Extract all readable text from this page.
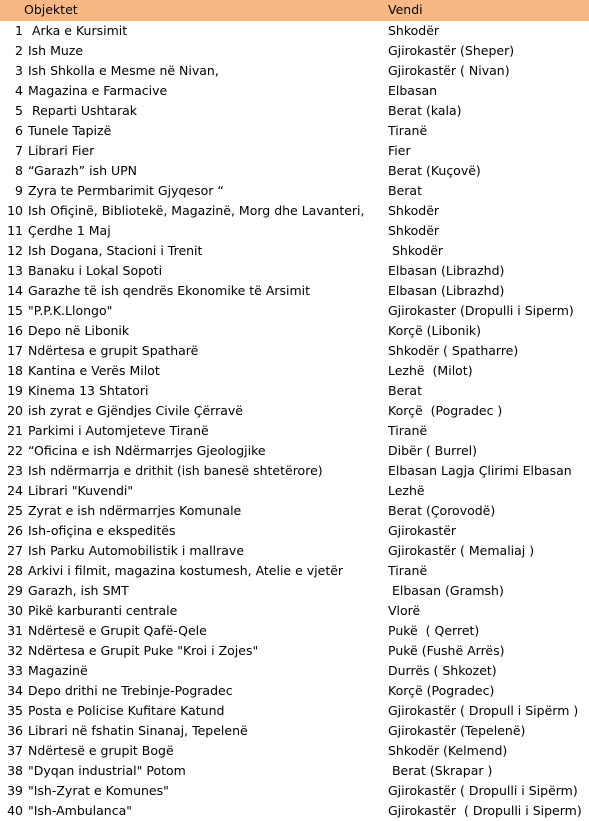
Objektet	Vendi
1  Arka e Kursimit	Shkodër
2 Ish Muze	Gjirokastër (Sheper)
3 Ish Shkolla e Mesme në Nivan,	Gjirokastër ( Nivan)
4 Magazina e Farmacive	Elbasan
5  Reparti Ushtarak	Berat (kala)
6 Tunele Tapizë	Tiranë
7 Librari Fier	Fier
8 “Garazh” ish UPN	Berat (Kuçovë)
9 Zyra te Permbarimit Gjyqesor “	Berat
10 Ish Ofiçinë, Bibliotekë, Magazinë, Morg dhe Lavanteri,	Shkodër
11 Çerdhe 1 Maj	Shkodër
12 Ish Dogana, Stacioni i Trenit	Shkodër
13 Banaku i Lokal Sopoti	Elbasan (Librazhd)
14 Garazhe të ish qendrës Ekonomike të Arsimit	Elbasan (Librazhd)
15 "P.P.K.Llongo"	Gjirokaster (Dropulli i Siperm)
16 Depo në Libonik	Korçë (Libonik)
17 Ndërtesa e grupit Spatharë	Shkodër ( Spatharre)
18 Kantina e Verës Milot	Lezhë  (Milot)
19 Kinema 13 Shtatori	Berat
20 ish zyrat e Gjëndjes Civile Çërravë	Korçë  (Pogradec )
21 Parkimi i Automjeteve Tiranë	Tiranë
22 “Oficina e ish Ndërmarrjes Gjeologjike	Dibër ( Burrel)
23 Ish ndërmarrja e drithit (ish banesë shtetërore)	Elbasan Lagja Çlirimi Elbasan
24 Librari "Kuvendi"	Lezhë
25 Zyrat e ish ndërmarrjes Komunale	Berat (Çorovodë)
26 Ish-ofiçina e ekspeditës	Gjirokastër
27 Ish Parku Automobilistik i mallrave	Gjirokastër ( Memaliaj )
28 Arkivi i filmit, magazina kostumesh, Atelie e vjetër	Tiranë
29 Garazh, ish SMT	Elbasan (Gramsh)
30 Pikë karburanti centrale	Vlorë
31 Ndërtesë e Grupit Qafë-Qele	Pukë  ( Qerret)
32 Ndërtesa e Grupit Puke "Kroi i Zojes"	Pukë (Fushë Arrës)
33 Magazinë	Durrës ( Shkozet)
34 Depo drithi ne Trebinje-Pogradec	Korçë (Pogradec)
35 Posta e Policise Kufitare Katund	Gjirokastër ( Dropull i Sipërm )
36 Librari në fshatin Sinanaj, Tepelenë	Gjirokastër (Tepelenë)
37 Ndërtesë e grupit Bogë	Shkodër (Kelmend)
38 "Dyqan industrial" Potom	Berat (Skrapar )
39 "Ish-Zyrat e Komunes"	Gjirokastër ( Dropulli i Sipërm)
40 "Ish-Ambulanca"	Gjirokastër  ( Dropulli i Siperm)
